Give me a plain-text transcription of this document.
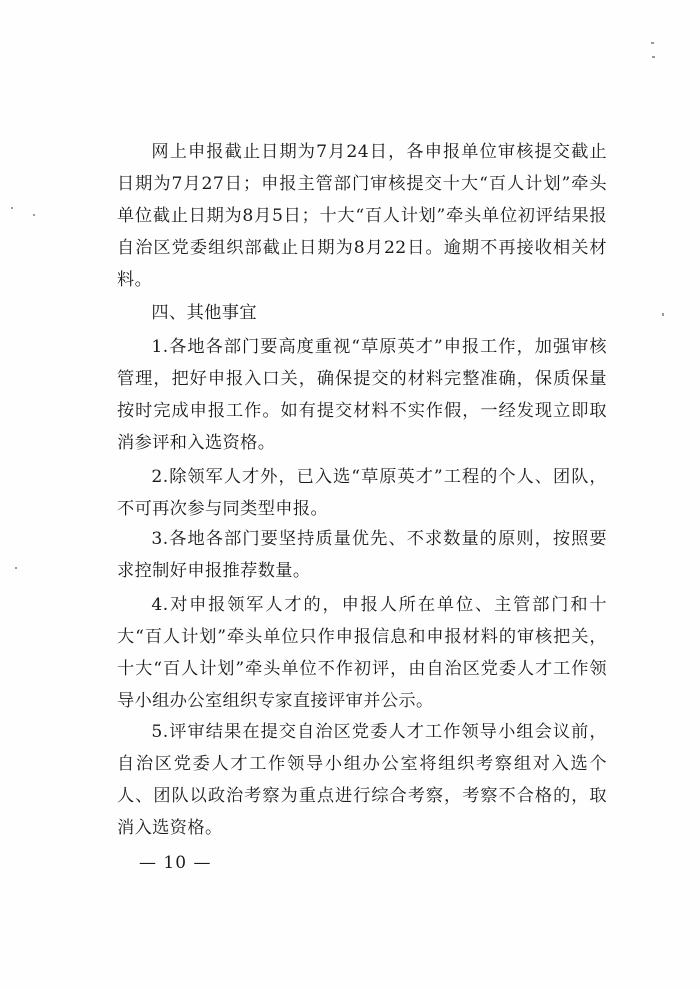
网上申报截止日期为7月24日，各申报单位审核提交截止日期为7月27日；申报主管部门审核提交十大“百人计划”牵头单位截止日期为8月5日；十大“百人计划”牵头单位初评结果报自治区党委组织部截止日期为8月22日。逾期不再接收相关材料。

四、其他事宜

1.各地各部门要高度重视“草原英才”申报工作，加强审核管理，把好申报入口关，确保提交的材料完整准确，保质保量按时完成申报工作。如有提交材料不实作假，一经发现立即取消参评和入选资格。

2.除领军人才外，已入选“草原英才”工程的个人、团队，不可再次参与同类型申报。

3.各地各部门要坚持质量优先、不求数量的原则，按照要求控制好申报推荐数量。

4.对申报领军人才的，申报人所在单位、主管部门和十大“百人计划”牵头单位只作申报信息和申报材料的审核把关，十大“百人计划”牵头单位不作初评，由自治区党委人才工作领导小组办公室组织专家直接评审并公示。

5.评审结果在提交自治区党委人才工作领导小组会议前，自治区党委人才工作领导小组办公室将组织考察组对入选个人、团队以政治考察为重点进行综合考察，考察不合格的，取消入选资格。

— 10 —
